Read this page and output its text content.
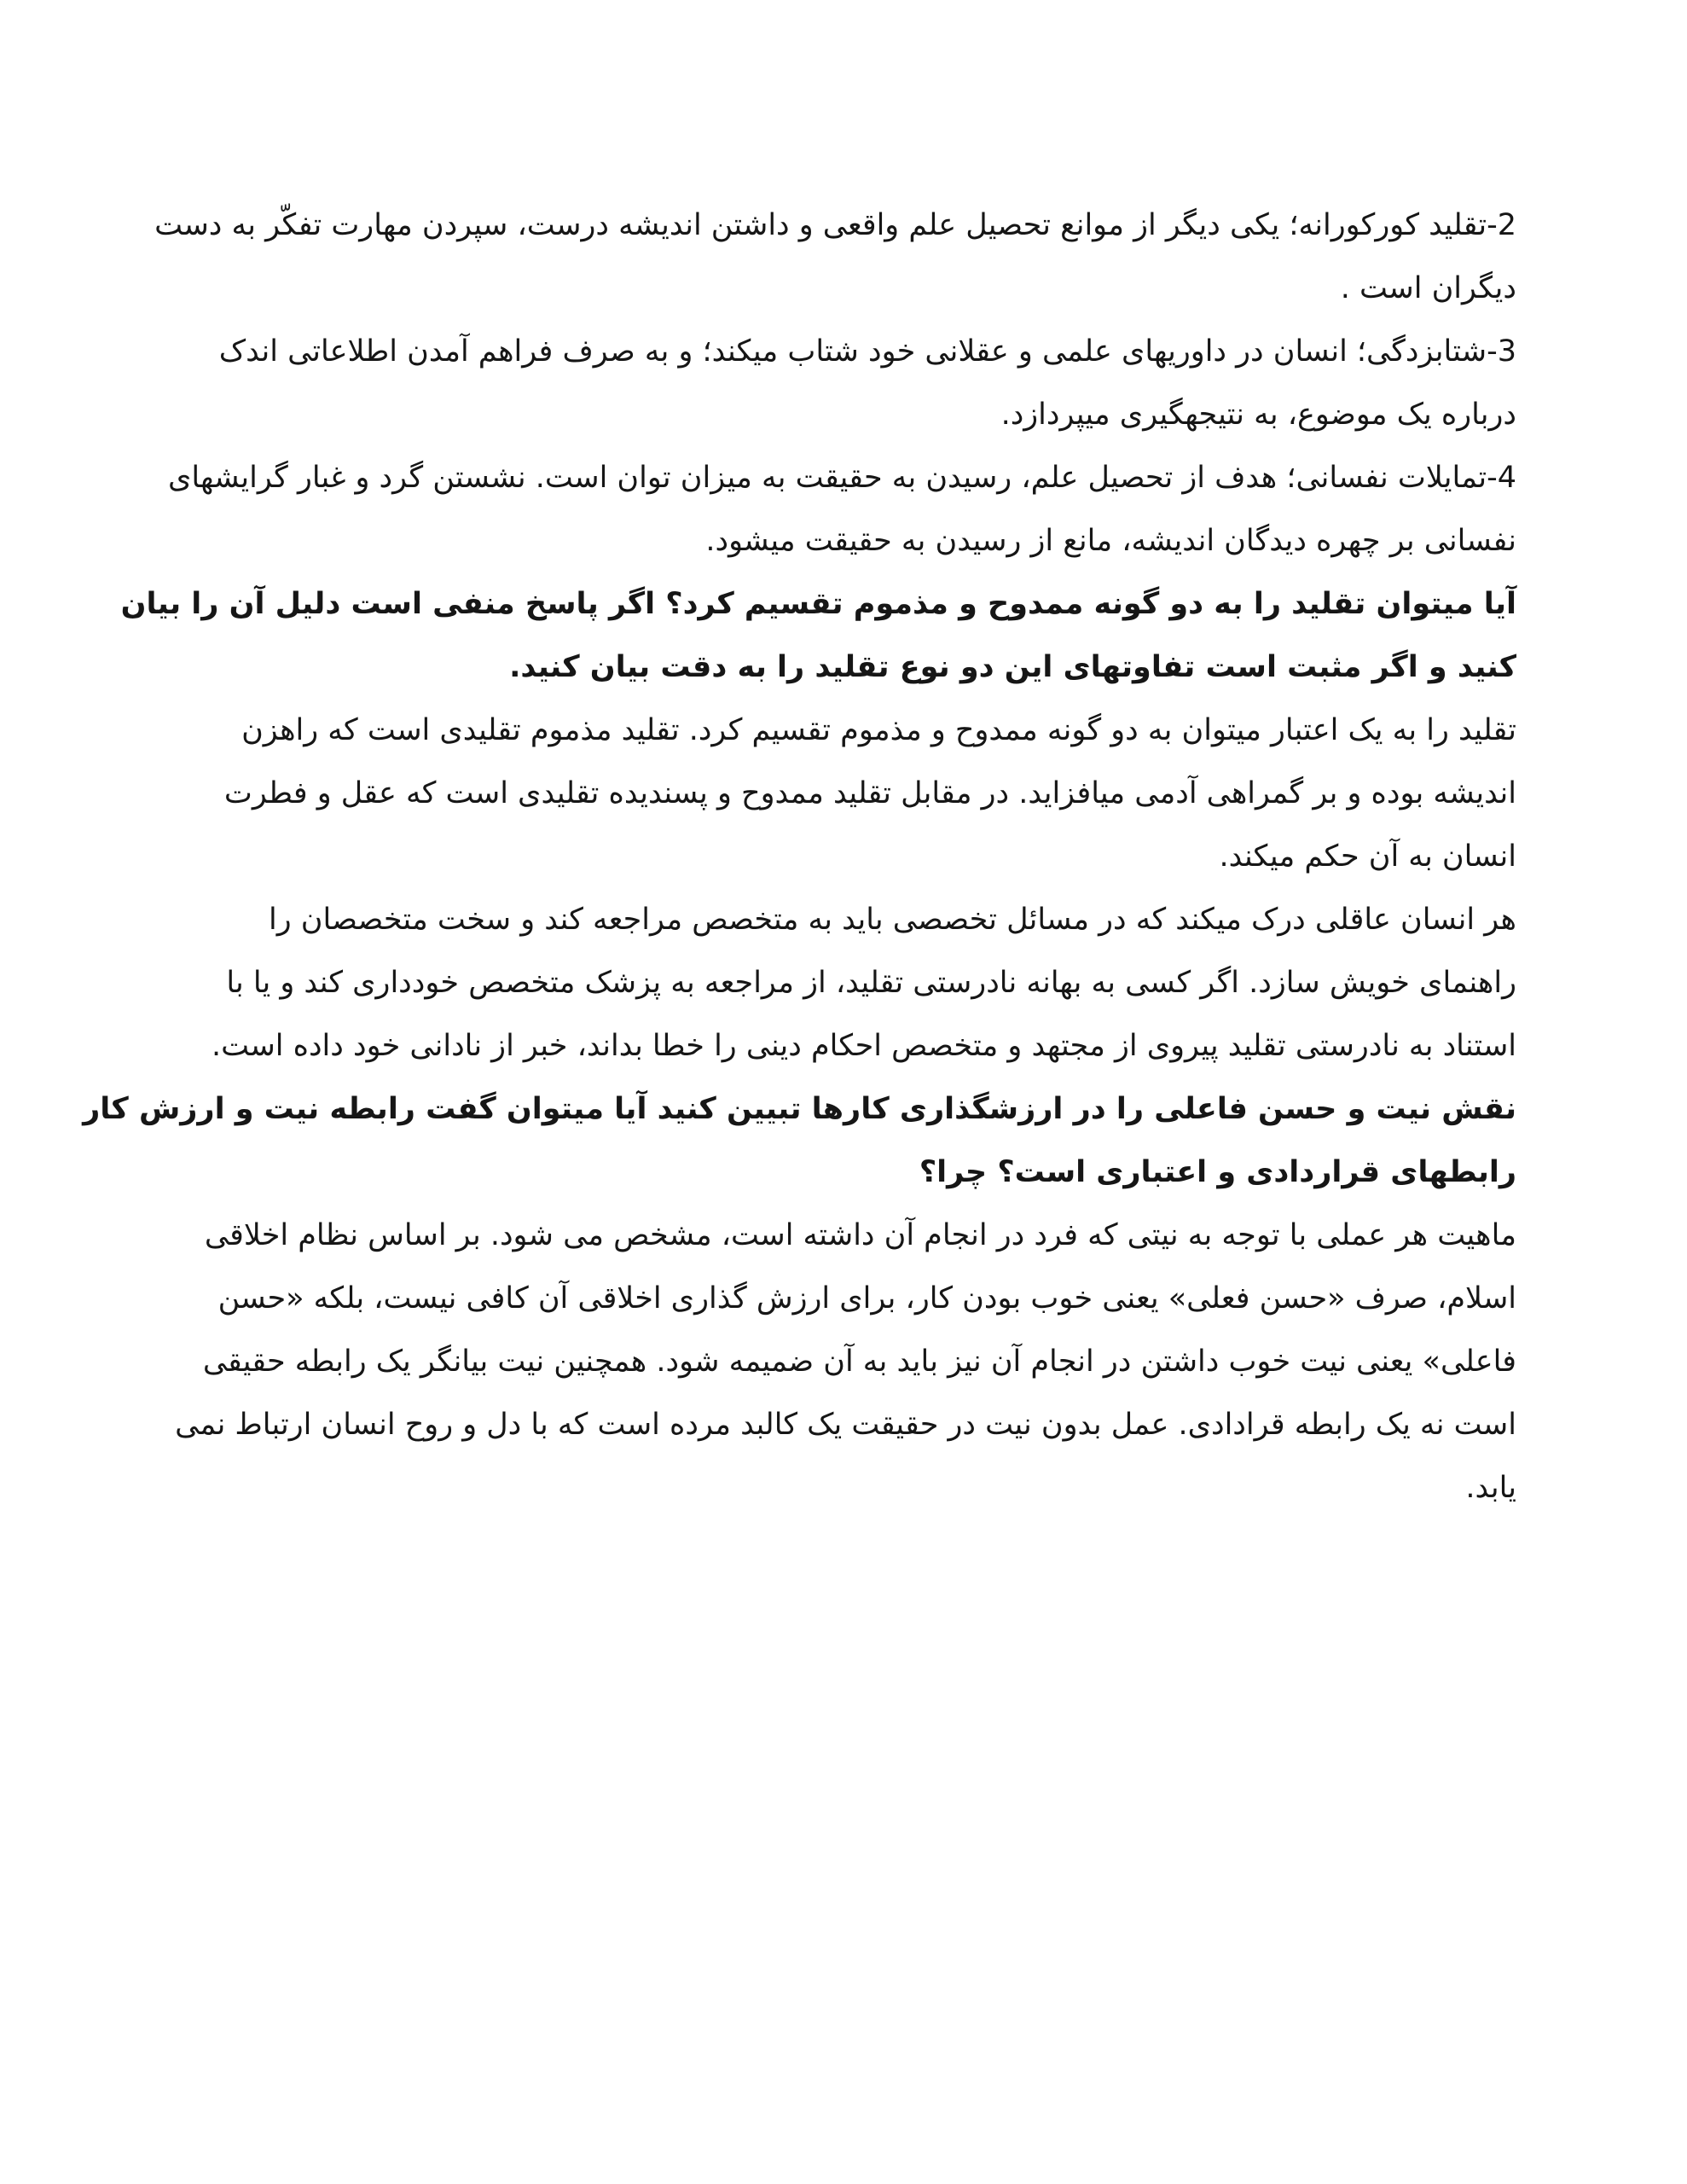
2-تقلید کورکورانه؛ یکی دیگر از موانع تحصیل علم واقعی و داشتن اندیشه درست، سپردن مهارت تفکّر به دست
دیگران است .

3-شتابزدگی؛ انسان در داوریهای علمی و عقلانی خود شتاب میکند؛ و به صرف فراهم آمدن اطلاعاتی اندک
درباره یک موضوع، به نتیجهگیری میپردازد.

4-تمایلات نفسانی؛ هدف از تحصیل علم، رسیدن به حقیقت به میزان توان است. نشستن گرد و غبار گرایشهای
نفسانی بر چهره دیدگان اندیشه، مانع از رسیدن به حقیقت میشود.

آیا میتوان تقلید را به دو گونه ممدوح و مذموم تقسیم کرد؟ اگر پاسخ منفی است دلیل آن را بیان
کنید و اگر مثبت است تفاوتهای این دو نوع تقلید را به دقت بیان کنید.

تقلید را به یک اعتبار میتوان به دو گونه ممدوح و مذموم تقسیم کرد. تقلید مذموم تقلیدی است که راهزن
اندیشه بوده و بر گمراهی آدمی میافزاید. در مقابل تقلید ممدوح و پسندیده تقلیدی است که عقل و فطرت
انسان به آن حکم میکند.

هر انسان عاقلی درک میکند که در مسائل تخصصی باید به متخصص مراجعه کند و سخت متخصصان را
راهنمای خویش سازد. اگر کسی به بهانه نادرستی تقلید، از مراجعه به پزشک متخصص خودداری کند و یا با
استناد به نادرستی تقلید پیروی از مجتهد و متخصص احکام دینی را خطا بداند، خبر از نادانی خود داده است.

نقش نیت و حسن فاعلی را در ارزشگذاری کارها تبیین کنید آیا میتوان گفت رابطه نیت و ارزش کار
رابطهای قراردادی و اعتباری است؟ چرا؟

ماهیت هر عملی با توجه به نیتی که فرد در انجام آن داشته است، مشخص می شود. بر اساس نظام اخلاقی
اسلام، صرف «حسن فعلی» یعنی خوب بودن کار، برای ارزش گذاری اخلاقی آن کافی نیست، بلکه «حسن
فاعلی» یعنی نیت خوب داشتن در انجام آن نیز باید به آن ضمیمه شود. همچنین نیت بیانگر یک رابطه حقیقی
است نه یک رابطه قرادادی. عمل بدون نیت در حقیقت یک کالبد مرده است که با دل و روح انسان ارتباط نمی
یابد.
